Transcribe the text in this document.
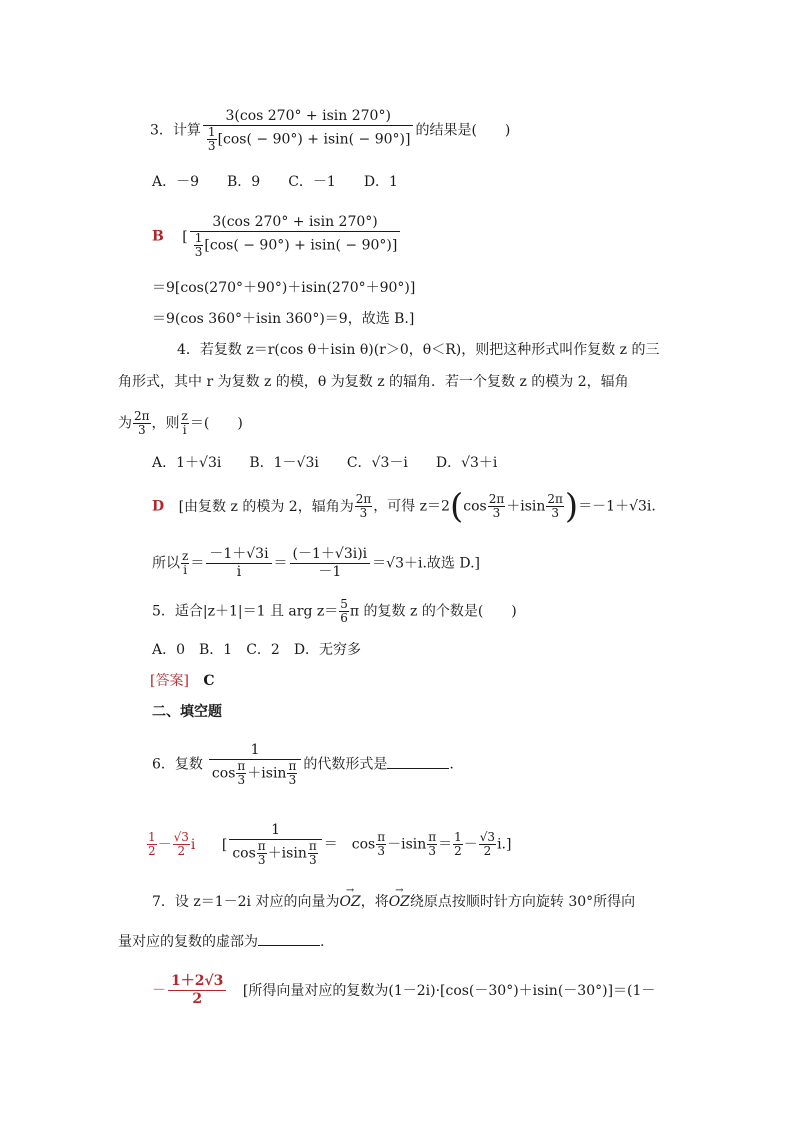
3．计算 $\frac{3(\cos 270^\circ + isin 270^\circ)}{\frac{1}{3} [\cos( - 90^\circ) + isin( - 90^\circ)]}$ 的结果是(　　)
A．－9　　B．9　　C．－1　　D．1
B [ $\frac{3(\cos 270^\circ + isin 270^\circ)}{\frac{1}{3} [\cos( - 90^\circ) + isin( - 90^\circ)]}$
＝9[cos(270°＋90°)＋isin(270°＋90°)]
＝9(cos 360°＋isin 360°)＝9，故选 B.]
4．若复数 z＝r(cos θ＋isin θ)(r＞0，θ＜R)，则把这种形式叫作复数 z 的三
角形式，其中 r 为复数 z 的模，θ 为复数 z 的辐角．若一个复数 z 的模为 2，辐角
为 $\frac{2\pi}{3}$ ，则 $\frac{z}{i}$ ＝(　　)
A．1＋√3i　　B．1－√3i　　C．√3－i　　D．√3＋i
D [由复数 z 的模为 2，辐角为 $\frac{2\pi}{3}$ ，可得 $z=2(\cos \frac{2\pi}{3} +isin \frac{2\pi}{3} )=-1+√3i$.
所以 $\frac{z}{i} = \frac{-1+√3i}{i} = \frac{(-1+√3i)i}{-1} =√3+i$.故选 D.]
5．适合|z＋1|＝1 且 arg $z= \frac{5}{6}$ π 的复数 z 的个数是(　　)
A．0　B．1　C．2　D．无穷多
[答案] C
二、填空题
6．复数 $\frac{1}{\cos \frac{\pi}{3} +isin \frac{\pi}{3}}$ 的代数形式是	.
$\frac{1}{2} - \frac{√3}{2}$ i [ $\frac{1}{\cos \frac{\pi}{3} +isin \frac{\pi}{3}}$ ＝　$\cos \frac{\pi}{3} -isin \frac{\pi}{3} = \frac{1}{2} - \frac{√3}{2} i$.]
7．设 z＝1－2i 对应的向量为→ OZ，将→ OZ绕原点按顺时针方向旋转 30°所得向
量对应的复数的虚部为	.
－ $\frac{1+2√3}{2}$ [所得向量对应的复数为(1－2i)·[cos(－30°)＋isin(－30°)]＝(1－
